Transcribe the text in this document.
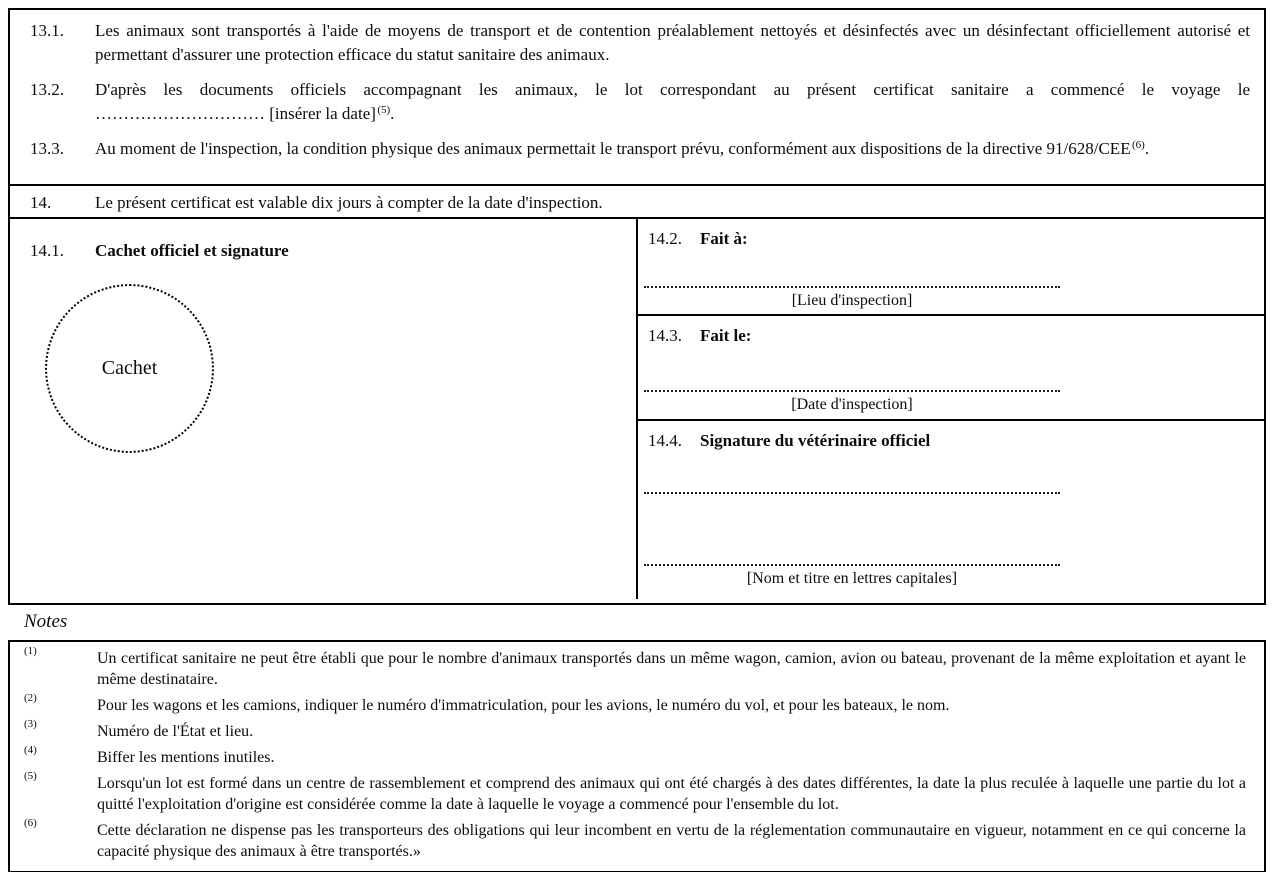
13.1.	Les animaux sont transportés à l'aide de moyens de transport et de contention préalablement nettoyés et désinfectés avec un désinfectant officiellement autorisé et permettant d'assurer une protection efficace du statut sanitaire des animaux.
13.2.	D'après les documents officiels accompagnant les animaux, le lot correspondant au présent certificat sanitaire a commencé le voyage le ………………………… [insérer la date] $^{(5)}$.
13.3.	Au moment de l'inspection, la condition physique des animaux permettait le transport prévu, conformément aux dispositions de la directive 91/628/CEE $^{(6)}$.
14.	Le présent certificat est valable dix jours à compter de la date d'inspection.
14.1.	Cachet officiel et signature
Cachet
14.2.	Fait à:
[Lieu d'inspection]
14.3.	Fait le:
[Date d'inspection]
14.4.	Signature du vétérinaire officiel
[Nom et titre en lettres capitales]
Notes
(1)	Un certificat sanitaire ne peut être établi que pour le nombre d'animaux transportés dans un même wagon, camion, avion ou bateau, provenant de la même exploitation et ayant le même destinataire.
(2)	Pour les wagons et les camions, indiquer le numéro d'immatriculation, pour les avions, le numéro du vol, et pour les bateaux, le nom.
(3)	Numéro de l'État et lieu.
(4)	Biffer les mentions inutiles.
(5)	Lorsqu'un lot est formé dans un centre de rassemblement et comprend des animaux qui ont été chargés à des dates différentes, la date la plus reculée à laquelle une partie du lot a quitté l'exploitation d'origine est considérée comme la date à laquelle le voyage a commencé pour l'ensemble du lot.
(6)	Cette déclaration ne dispense pas les transporteurs des obligations qui leur incombent en vertu de la réglementation communautaire en vigueur, notamment en ce qui concerne la capacité physique des animaux à être transportés.»
